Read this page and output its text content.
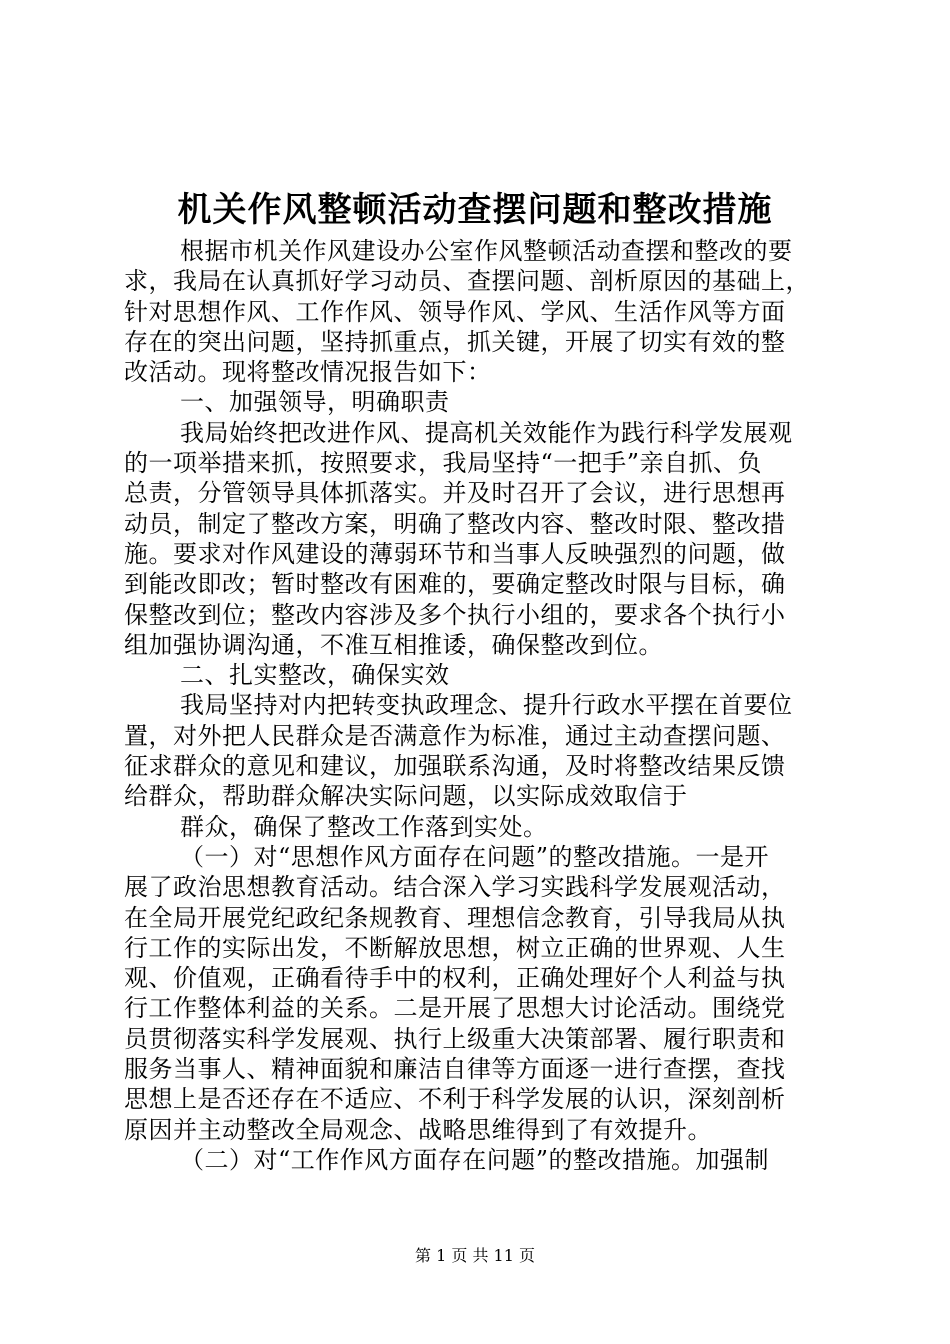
机关作风整顿活动查摆问题和整改措施
根据市机关作风建设办公室作风整顿活动查摆和整改的要
求，我局在认真抓好学习动员、查摆问题、剖析原因的基础上，
针对思想作风、工作作风、领导作风、学风、生活作风等方面
存在的突出问题，坚持抓重点，抓关键，开展了切实有效的整
改活动。现将整改情况报告如下：
一、加强领导，明确职责
我局始终把改进作风、提高机关效能作为践行科学发展观
的一项举措来抓，按照要求，我局坚持“一把手”亲自抓、负
总责，分管领导具体抓落实。并及时召开了会议，进行思想再
动员，制定了整改方案，明确了整改内容、整改时限、整改措
施。要求对作风建设的薄弱环节和当事人反映强烈的问题，做
到能改即改；暂时整改有困难的，要确定整改时限与目标，确
保整改到位；整改内容涉及多个执行小组的，要求各个执行小
组加强协调沟通，不准互相推诿，确保整改到位。
二、扎实整改，确保实效
我局坚持对内把转变执政理念、提升行政水平摆在首要位
置，对外把人民群众是否满意作为标准，通过主动查摆问题、
征求群众的意见和建议，加强联系沟通，及时将整改结果反馈
给群众，帮助群众解决实际问题，以实际成效取信于
群众，确保了整改工作落到实处。
（一）对“思想作风方面存在问题”的整改措施。一是开
展了政治思想教育活动。结合深入学习实践科学发展观活动，
在全局开展党纪政纪条规教育、理想信念教育，引导我局从执
行工作的实际出发，不断解放思想，树立正确的世界观、人生
观、价值观，正确看待手中的权利，正确处理好个人利益与执
行工作整体利益的关系。二是开展了思想大讨论活动。围绕党
员贯彻落实科学发展观、执行上级重大决策部署、履行职责和
服务当事人、精神面貌和廉洁自律等方面逐一进行查摆，查找
思想上是否还存在不适应、不利于科学发展的认识，深刻剖析
原因并主动整改全局观念、战略思维得到了有效提升。
（二）对“工作作风方面存在问题”的整改措施。加强制
第 1 页 共 11 页
